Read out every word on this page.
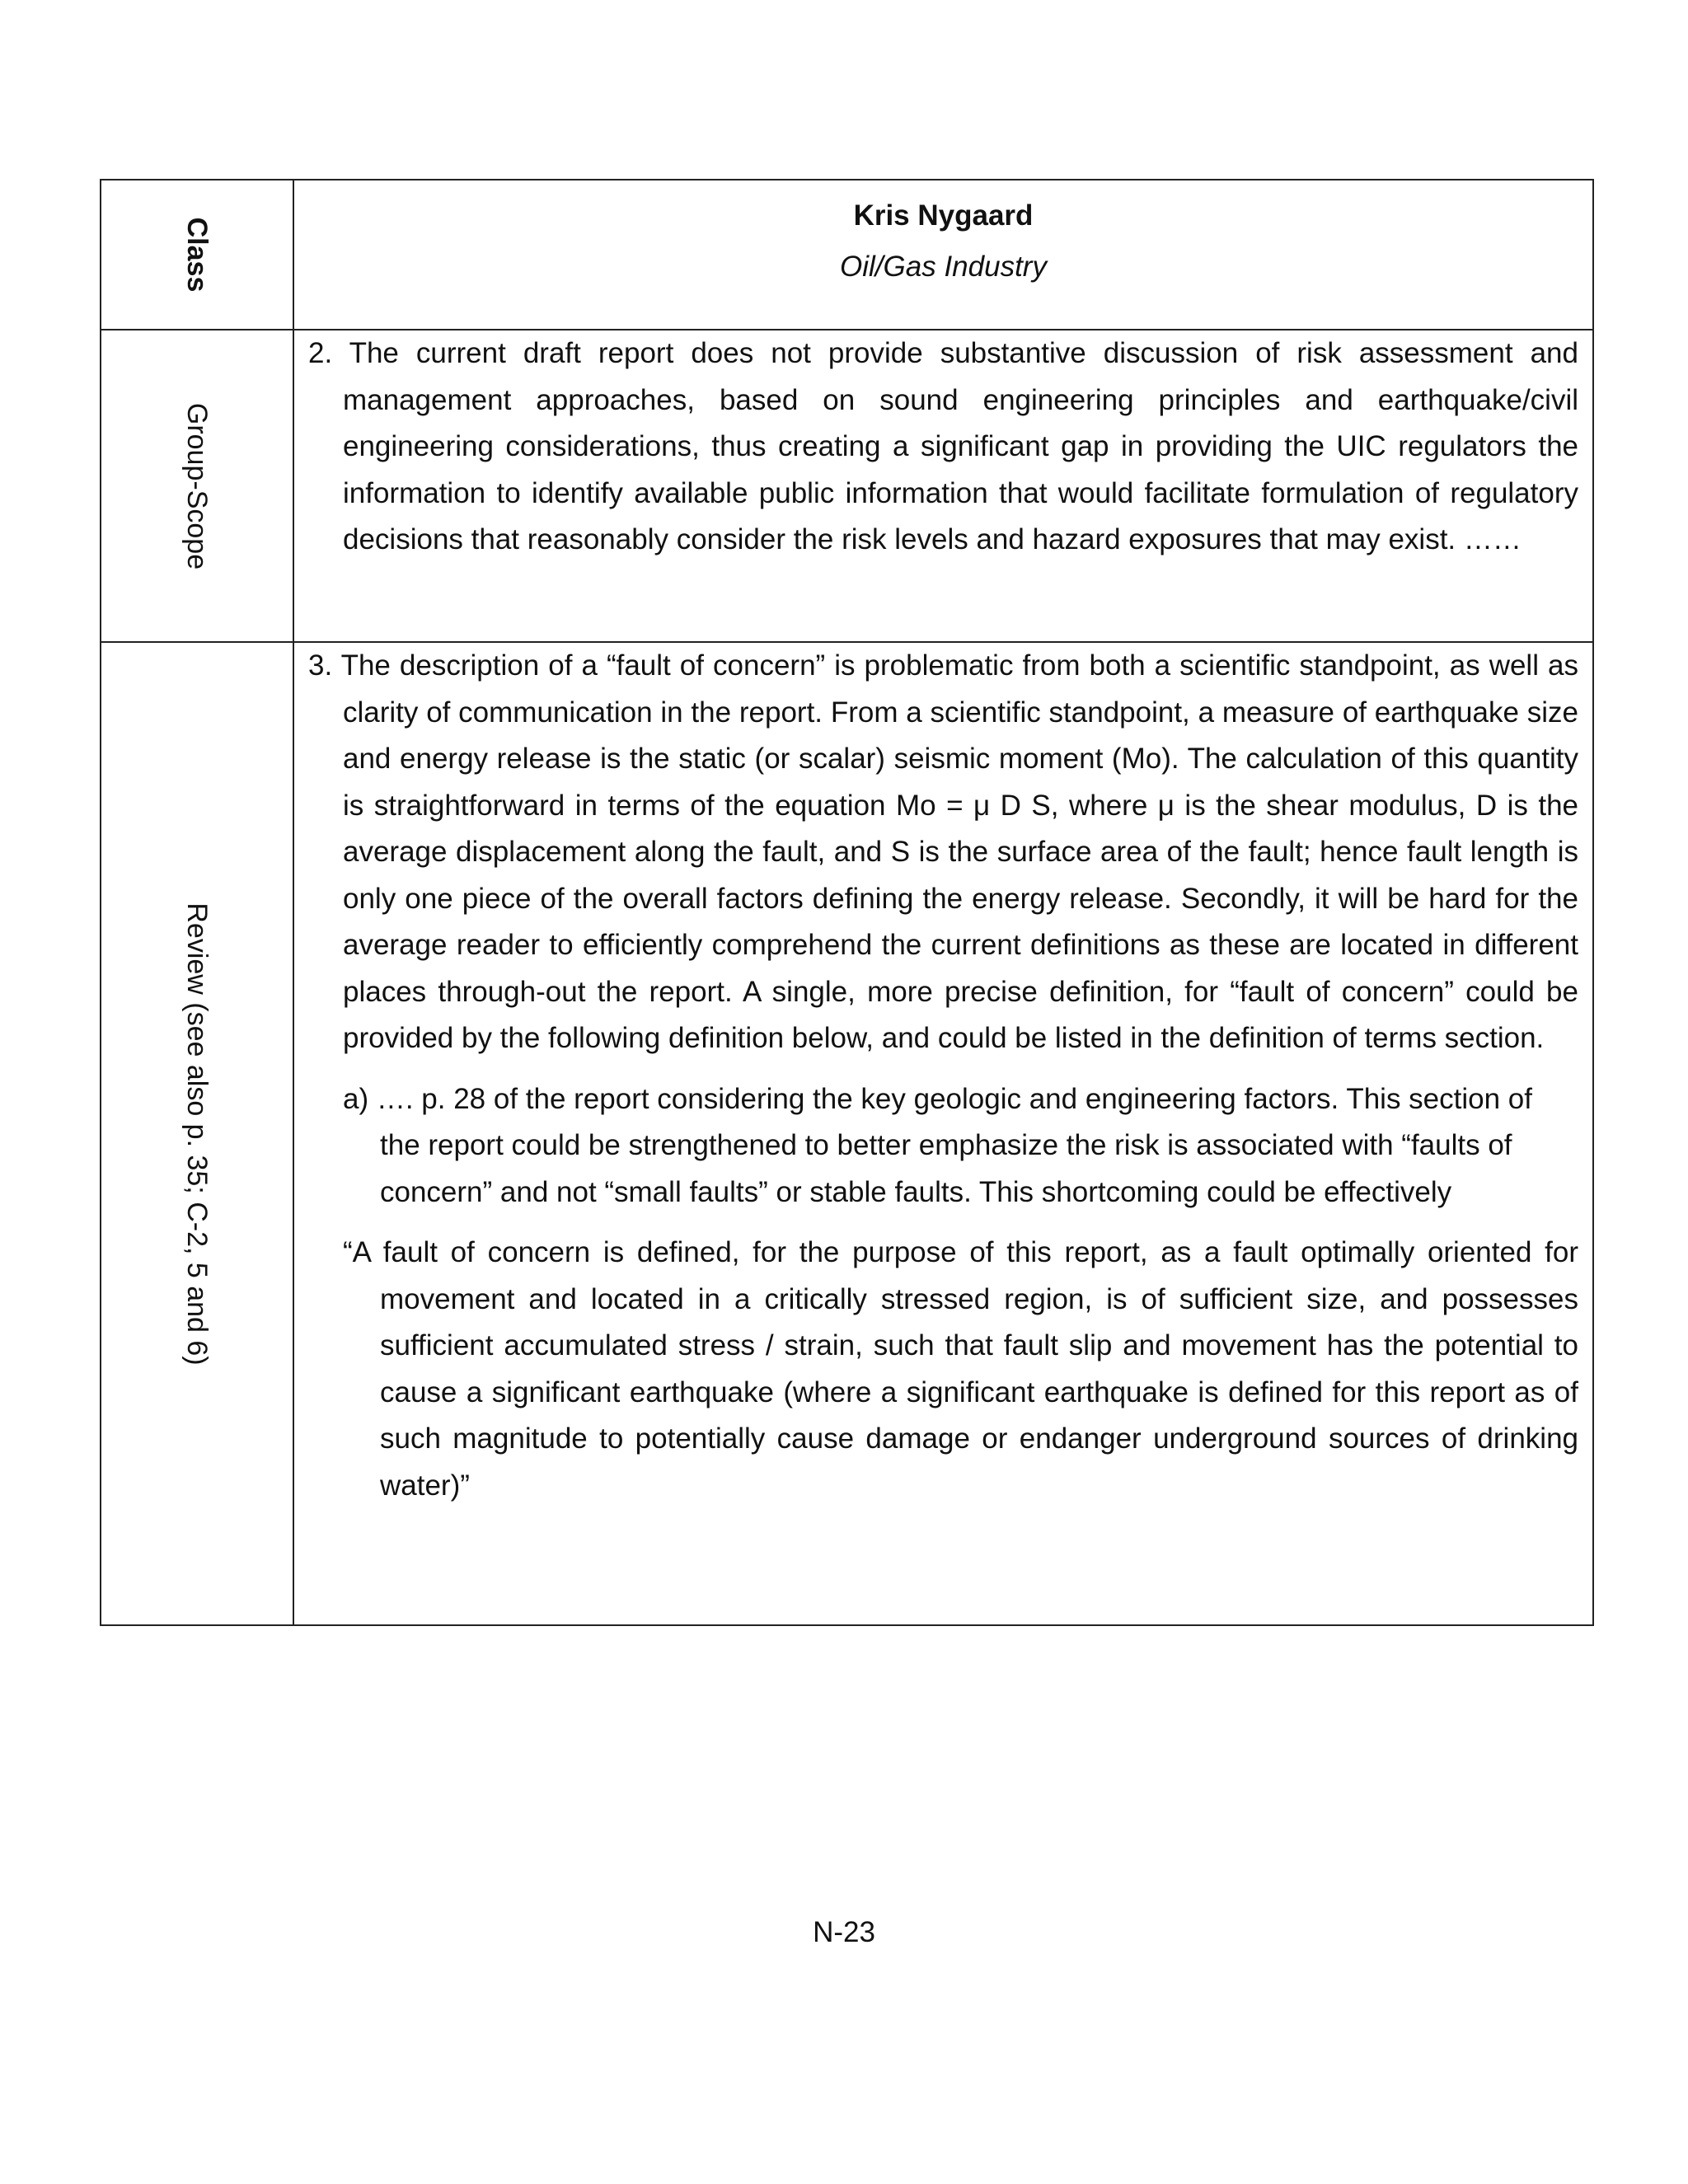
Class	Kris Nygaard
Oil/Gas Industry

Group-Scope	2. The current draft report does not provide substantive discussion of risk assessment and management approaches, based on sound engineering principles and earthquake/civil engineering considerations, thus creating a significant gap in providing the UIC regulators the information to identify available public information that would facilitate formulation of regulatory decisions that reasonably consider the risk levels and hazard exposures that may exist. ……

Review (see also p. 35; C-2, 5 and 6)	3. The description of a “fault of concern” is problematic from both a scientific standpoint, as well as clarity of communication in the report. From a scientific standpoint, a measure of earthquake size and energy release is the static (or scalar) seismic moment (Mo). The calculation of this quantity is straightforward in terms of the equation Mo = μ D S, where μ is the shear modulus, D is the average displacement along the fault, and S is the surface area of the fault; hence fault length is only one piece of the overall factors defining the energy release. Secondly, it will be hard for the average reader to efficiently comprehend the current definitions as these are located in different places through-out the report. A single, more precise definition, for “fault of concern” could be provided by the following definition below, and could be listed in the definition of terms section.

a) …. p. 28 of the report considering the key geologic and engineering factors. This section of the report could be strengthened to better emphasize the risk is associated with “faults of concern” and not “small faults” or stable faults. This shortcoming could be effectively

“A fault of concern is defined, for the purpose of this report, as a fault optimally oriented for movement and located in a critically stressed region, is of sufficient size, and possesses sufficient accumulated stress / strain, such that fault slip and movement has the potential to cause a significant earthquake (where a significant earthquake is defined for this report as of such magnitude to potentially cause damage or endanger underground sources of drinking water)”

N-23
